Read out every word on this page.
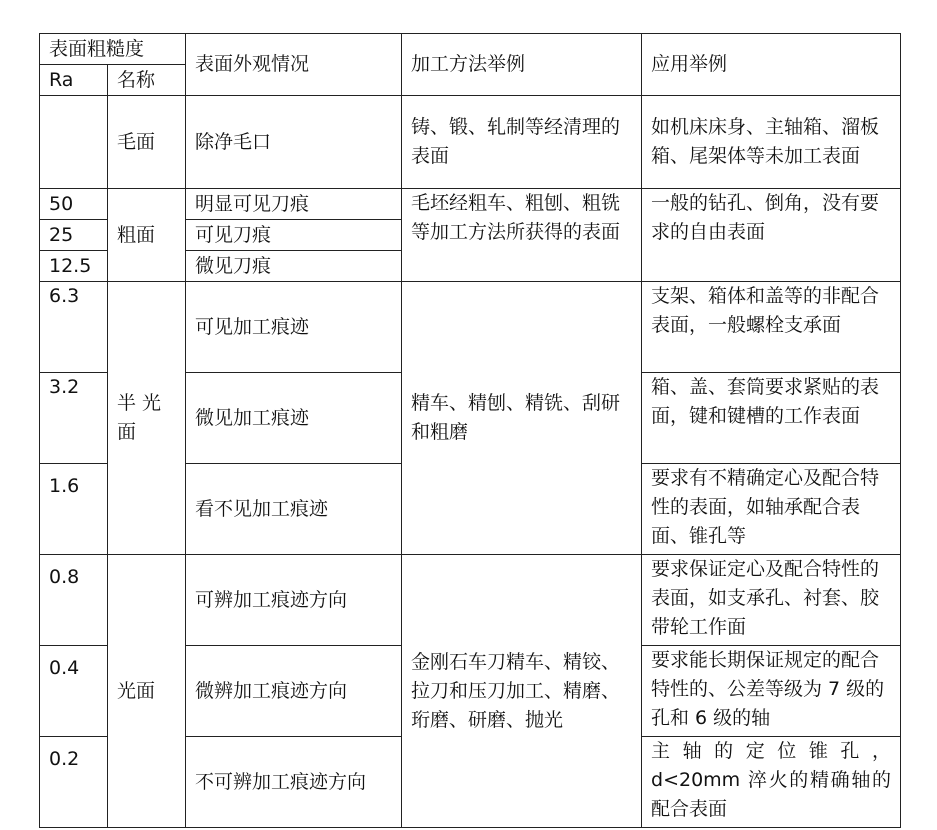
表面粗糙度		表面外观情况	加工方法举例	应用举例
Ra	名称			
	毛面	除净毛口	铸、锻、轧制等经清理的表面	如机床床身、主轴箱、溜板箱、尾架体等未加工表面
50	粗面	明显可见刀痕	毛坯经粗车、粗刨、粗铣等加工方法所获得的表面	一般的钻孔、倒角，没有要求的自由表面
25		可见刀痕		
12.5		微见刀痕		
6.3	半 光 面	可见加工痕迹	精车、精刨、精铣、刮研和粗磨	支架、箱体和盖等的非配合表面，一般螺栓支承面
3.2		微见加工痕迹		箱、盖、套筒要求紧贴的表面，键和键槽的工作表面
1.6		看不见加工痕迹		要求有不精确定心及配合特性的表面，如轴承配合表面、锥孔等
0.8	光面	可辨加工痕迹方向	金刚石车刀精车、精铰、拉刀和压刀加工、精磨、珩磨、研磨、抛光	要求保证定心及配合特性的表面，如支承孔、衬套、胶带轮工作面
0.4		微辨加工痕迹方向		要求能长期保证规定的配合特性的、公差等级为 7 级的孔和 6 级的轴
0.2		不可辨加工痕迹方向		主轴的定位锥孔，d<20mm 淬火的精确轴的配合表面
